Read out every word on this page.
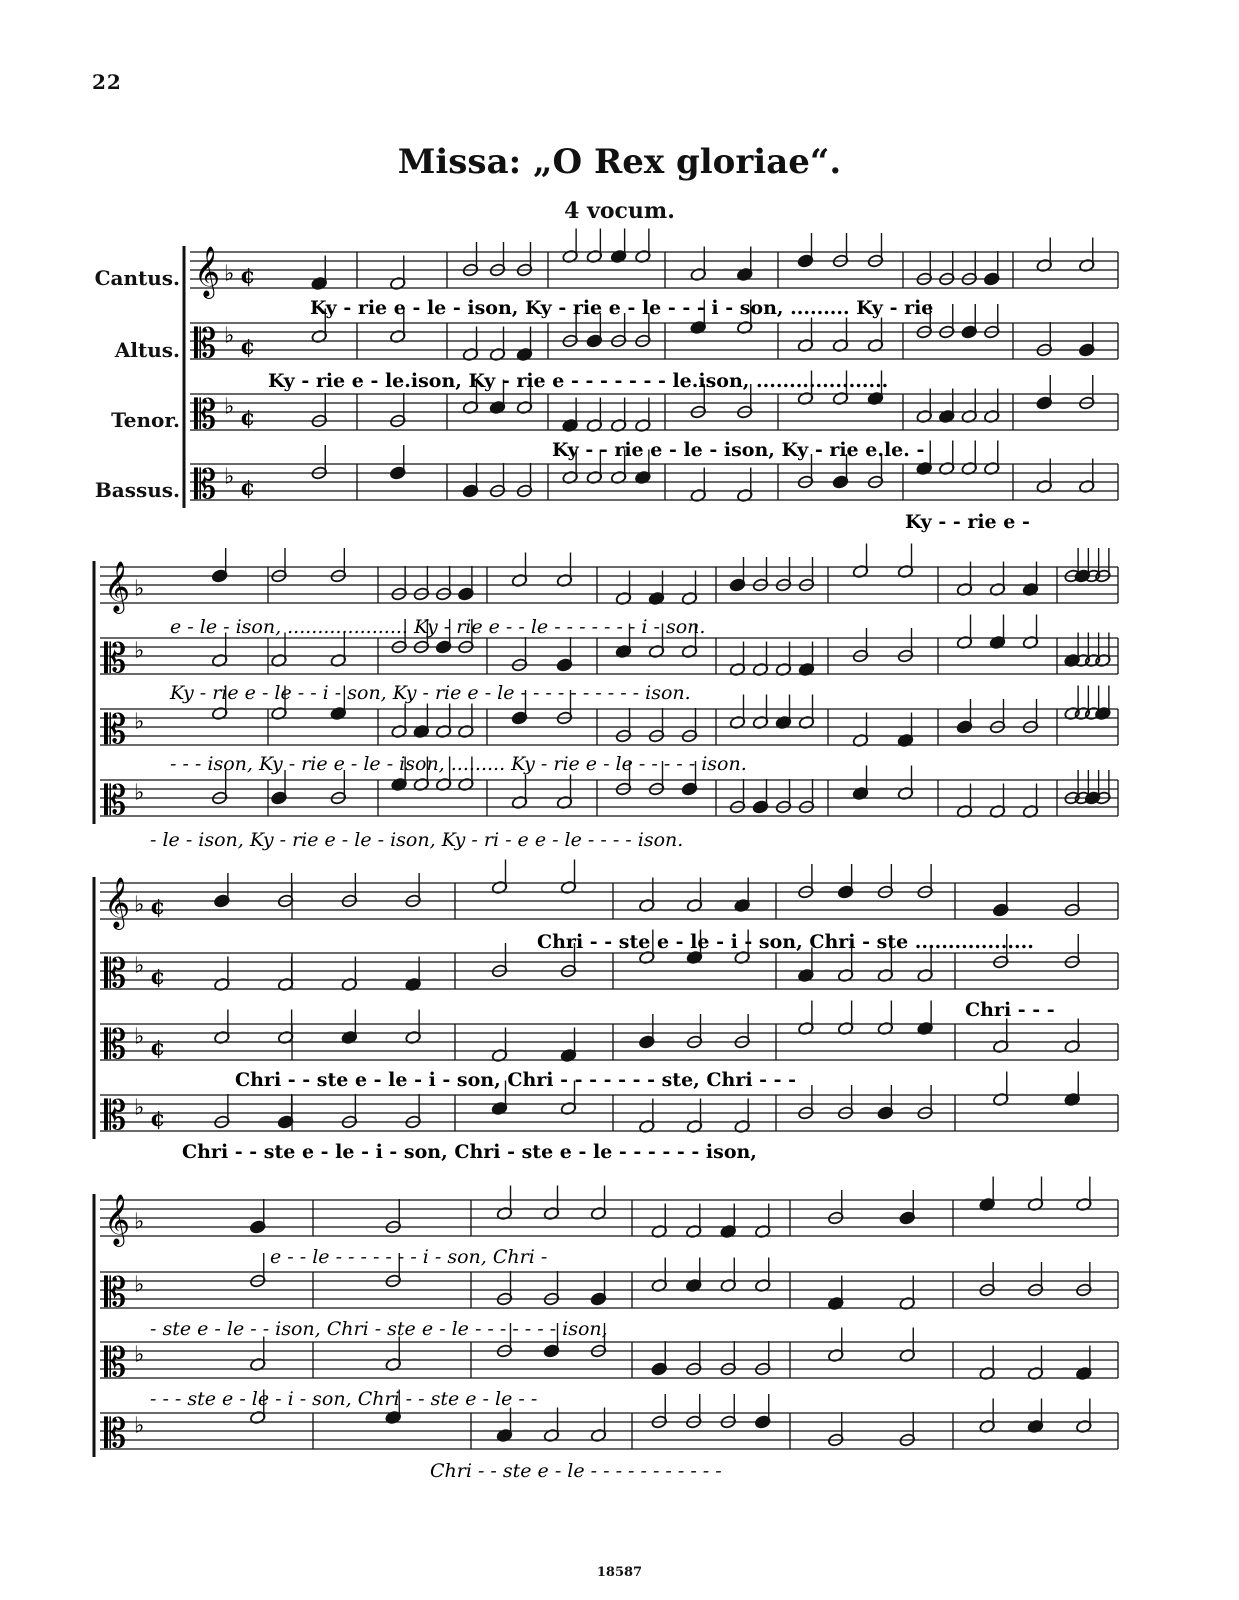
22
Missa: „O Rex gloriae“.
4 vocum.
Cantus.
Altus.
Tenor.
Bassus.
𝄞 ♭ ¢
𝄡 ♭ ¢
𝄡 ♭ ¢
𝄡 ♭ ¢
𝄞 ♭
𝄡 ♭
𝄡 ♭
𝄡 ♭
𝄞 ♭ ¢
𝄡 ♭ ¢
𝄡 ♭ ¢
𝄡 ♭ ¢
𝄞 ♭
𝄡 ♭
𝄡 ♭
𝄡 ♭
Ky - rie e - le - ison, Ky - rie e - le - - - i - son, ......... Ky - rie
Ky - rie e - le.ison, Ky - rie e - - - - - - - le.ison, ....................
Ky - - rie e - le - ison, Ky - rie e.le. -
Ky - - rie e -
e - le - ison, .................... Ky - rie e - - le - - - - - - - i - son.
Ky - rie e - le - - i - son, Ky - rie e - le - - - - - - - - - - ison.
- - - ison, Ky - rie e - le - ison, ......... Ky - rie e - le - - - - - ison.
- le - ison, Ky - rie e - le - ison, Ky - ri - e e - le - - - - ison.
Chri - - ste e - le - i - son, Chri - ste ..................
Chri - - -
Chri - - ste e - le - i - son, Chri - - - - - - - ste, Chri - - -
Chri - - ste e - le - i - son, Chri - ste e - le - - - - - - ison,
e - - le - - - - - - - i - son, Chri -
- ste e - le - - ison, Chri - ste e - le - - - - - - - ison,
- - - ste e - le - i - son, Chri - - ste e - le - -
Chri - - ste e - le - - - - - - - - - - -
18587
